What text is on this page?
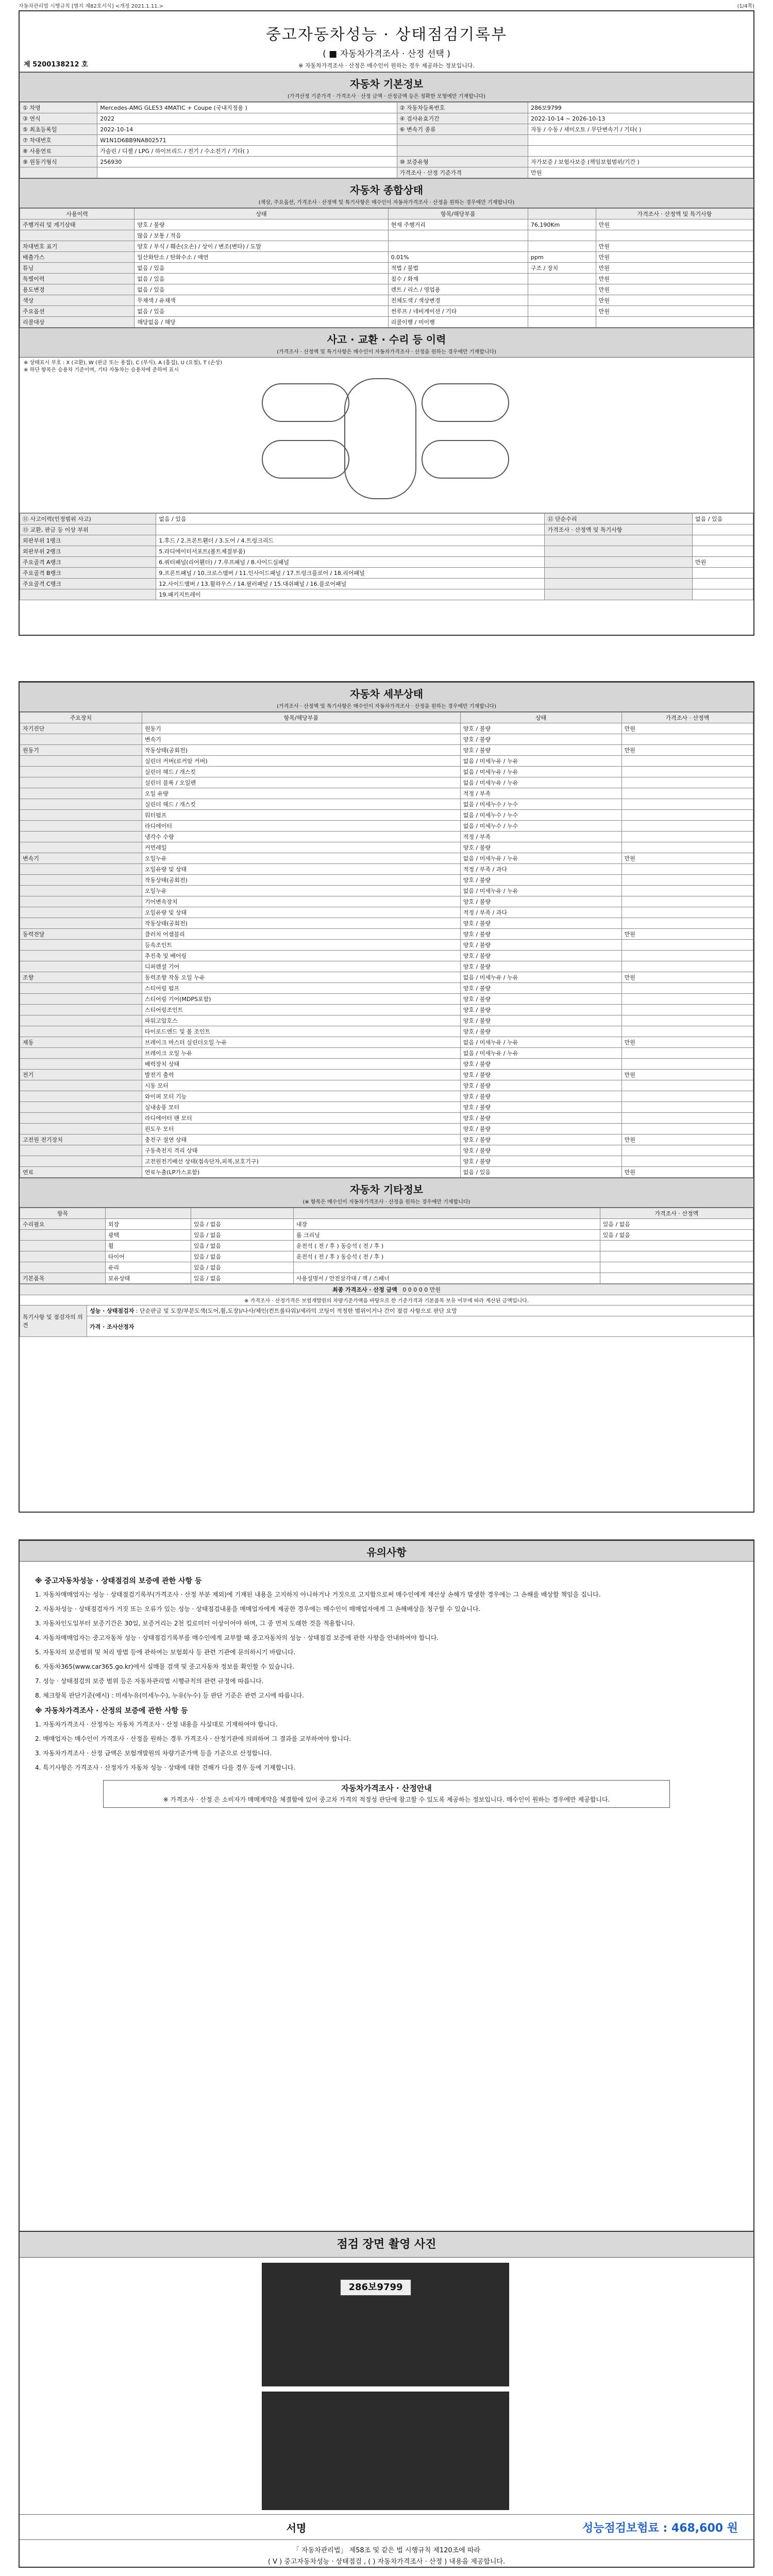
자동차관리법 시행규칙 [별지 제82호서식] <개정 2021.1.11.>	(1/4쪽)
중고자동차성능 · 상태점검기록부
( ■ 자동차가격조사 · 산정 선택 )
※ 자동차가격조사 · 산정은 매수인이 원하는 경우 제공하는 정보입니다.
제 5200138212 호
자동차 기본정보
(가격산정 기준가격 · 가격조사 · 산정 금액 · 산정금액 등은 정확한 모형에만 기재합니다)
① 차명	Mercedes-AMG GLE53 4MATIC + Coupe (국내지정용 )	② 자동차등록번호	286보9799
③ 연식	2022	④ 검사유효기간	2022-10-14 ~ 2026-10-13
⑤ 최초등록일	2022-10-14	⑥ 변속기 종류	자동 / 수동 / 세미오토 / 무단변속기 / 기타( )
⑦ 차대번호	W1N1D6BB9NA802571		
⑧ 사용연료	가솔린 / 디젤 / LPG / 하이브리드 / 전기 / 수소전기 / 기타( )		
⑨ 원동기형식	256930	⑩ 보증유형	자가보증 / 보험사보증 (책임보험범위/기간 )
		가격조사 · 산정 기준가격	만원
자동차 종합상태
(색상, 주요옵션, 가격조사 · 산정액 및 특기사항은 매수인이 자동차가격조사 · 산정을 원하는 경우에만 기재합니다)
사용이력	상태	항목/해당부품		가격조사 · 산정액 및 특기사항
주행거리 및 계기상태	양호 / 불량	현재 주행거리	76,190Km	만원
	많음 / 보통 / 적음			
차대번호 표기	양호 / 부식 / 훼손(오손) / 상이 / 변조(변타) / 도말			만원
배출가스	일산화탄소 / 탄화수소 / 매연	0.01%	ppm	만원
튜닝	없음 / 있음	적법 / 불법	구조 / 장치	만원
특별이력	없음 / 있음	침수 / 화재		만원
용도변경	없음 / 있음	렌트 / 리스 / 영업용		만원
색상	무채색 / 유채색	전체도색 / 색상변경		만원
주요옵션	없음 / 있음	썬루프 / 네비게이션 / 기타		만원
리콜대상	해당없음 / 해당	리콜이행 / 미이행		
사고 · 교환 · 수리 등 이력
(가격조사 · 산정액 및 특기사항은 매수인이 자동차가격조사 · 산정을 원하는 경우에만 기재합니다)
※ 상태표시 부호 : X (교환), W (판금 또는 용접), C (부식), A (흠집), U (요철), T (손상)
※ 하단 항목은 승용차 기준이며, 기타 자동차는 승용차에 준하여 표시
⑪ 사고이력(인정범위 사고)	없음 / 있음	⑫ 단순수리	없음 / 있음
⑬ 교환, 판금 등 이상 부위		가격조사 · 산정액 및 특기사항	
외판부위 1랭크	1.후드 / 2.프론트휀더 / 3.도어 / 4.트렁크리드		
외판부위 2랭크	5.라디에이터서포트(볼트체결부품)		
주요골격 A랭크	6.쿼터패널(리어휀더) / 7.루프패널 / 8.사이드실패널		만원
주요골격 B랭크	9.프론트패널 / 10.크로스멤버 / 11.인사이드패널 / 17.트렁크플로어 / 18.리어패널		
주요골격 C랭크	12.사이드멤버 / 13.휠하우스 / 14.필러패널 / 15.대쉬패널 / 16.플로어패널		
	19.패키지트레이		
자동차 세부상태
(가격조사 · 산정액 및 특기사항은 매수인이 자동차가격조사 · 산정을 원하는 경우에만 기재합니다)
주요장치	항목/해당부품	상태	가격조사 · 산정액
자기진단	원동기	양호 / 불량	만원
	변속기	양호 / 불량	
원동기	작동상태(공회전)	양호 / 불량	만원
	실린더 커버(로커암 커버)	없음 / 미세누유 / 누유	
	실린더 헤드 / 개스킷	없음 / 미세누유 / 누유	
	실린더 블록 / 오일팬	없음 / 미세누유 / 누유	
	오일 유량	적정 / 부족	
	실린더 헤드 / 개스킷	없음 / 미세누수 / 누수	
	워터펌프	없음 / 미세누수 / 누수	
	라디에이터	없음 / 미세누수 / 누수	
	냉각수 수량	적정 / 부족	
	커먼레일	양호 / 불량	
변속기	오일누유	없음 / 미세누유 / 누유	만원
	오일유량 및 상태	적정 / 부족 / 과다	
	작동상태(공회전)	양호 / 불량	
	오일누유	없음 / 미세누유 / 누유	
	기어변속장치	양호 / 불량	
	오일유량 및 상태	적정 / 부족 / 과다	
	작동상태(공회전)	양호 / 불량	
동력전달	클러치 어셈블리	양호 / 불량	만원
	등속조인트	양호 / 불량	
	추진축 및 베어링	양호 / 불량	
	디퍼렌셜 기어	양호 / 불량	
조향	동력조향 작동 오일 누유	없음 / 미세누유 / 누유	만원
	스티어링 펌프	양호 / 불량	
	스티어링 기어(MDPS포함)	양호 / 불량	
	스티어링조인트	양호 / 불량	
	파워고압호스	양호 / 불량	
	타이로드엔드 및 볼 조인트	양호 / 불량	
제동	브레이크 마스터 실린더오일 누유	없음 / 미세누유 / 누유	만원
	브레이크 오일 누유	없음 / 미세누유 / 누유	
	배력장치 상태	양호 / 불량	
전기	발전기 출력	양호 / 불량	만원
	시동 모터	양호 / 불량	
	와이퍼 모터 기능	양호 / 불량	
	실내송풍 모터	양호 / 불량	
	라디에이터 팬 모터	양호 / 불량	
	윈도우 모터	양호 / 불량	
고전원 전기장치	충전구 절연 상태	양호 / 불량	만원
	구동축전지 격리 상태	양호 / 불량	
	고전원전기배선 상태(접속단자,피복,보호기구)	양호 / 불량	
연료	연료누출(LP가스포함)	없음 / 있음	만원
자동차 기타정보
(※ 항목은 매수인이 자동차가격조사 · 산정을 원하는 경우에만 기재합니다)
항목				가격조사 · 산정액
수리필요	외장	있음 / 없음	내장	있음 / 없음
	광택	있음 / 없음	룸 크리닝	있음 / 없음
	휠	있음 / 없음	운전석 ( 전 / 후 ) 동승석 ( 전 / 후 )	
	타이어	있음 / 없음	운전석 ( 전 / 후 ) 동승석 ( 전 / 후 )	
	유리	있음 / 없음		
기본품목	보유상태	있음 / 없음	사용설명서 / 안전삼각대 / 잭 / 스패너	
최종 가격조사 · 산정 금액 0 0 0 0 0 만원
※ 가격조사 · 산정가격은 보험개발원의 차량기준가액을 바탕으로 한 기준가격과 기본품목 보유 여부에 따라 계산된 금액입니다.
특기사항 및 점검자의 의견	성능 · 상태점검자 : 단순판금 및 도장/부분도색(도어,휠,도장)/나사/체인(컨트롤타워)/세라믹 코팅이 적정한 범위이거나 간이 점검 사항으로 판단 요망
가격 · 조사산정자
유의사항
※ 중고자동차성능 · 상태점검의 보증에 관한 사항 등
1. 자동차매매업자는 성능 · 상태점검기록부(가격조사 · 산정 부분 제외)에 기재된 내용을 고지하지 아니하거나 거짓으로 고지함으로써 매수인에게 재산상 손해가 발생한 경우에는 그 손해를 배상할 책임을 집니다.
2. 자동차성능 · 상태점검자가 거짓 또는 오류가 있는 성능 · 상태점검내용을 매매업자에게 제공한 경우에는 매수인이 매매업자에게 그 손해배상을 청구할 수 있습니다.
3. 자동차인도일부터 보증기간은 30일, 보증거리는 2천 킬로미터 이상이어야 하며, 그 중 먼저 도래한 것을 적용합니다.
4. 자동차매매업자는 중고자동차 성능 · 상태점검기록부를 매수인에게 교부할 때 중고자동차의 성능 · 상태점검 보증에 관한 사항을 안내하여야 합니다.
5. 자동차의 보증범위 및 처리 방법 등에 관하여는 보험회사 등 관련 기관에 문의하시기 바랍니다.
6. 자동차365(www.car365.go.kr)에서 실매물 검색 및 중고자동차 정보를 확인할 수 있습니다.
7. 성능 · 상태점검의 보증 범위 등은 자동차관리법 시행규칙의 관련 규정에 따릅니다.
8. 체크항목 판단기준(예시) : 미세누유(미세누수), 누유(누수) 등 판단 기준은 관련 고시에 따릅니다.
※ 자동차가격조사 · 산정의 보증에 관한 사항 등
1. 자동차가격조사 · 산정자는 자동차 가격조사 · 산정 내용을 사실대로 기재하여야 합니다.
2. 매매업자는 매수인이 가격조사 · 산정을 원하는 경우 가격조사 · 산정기관에 의뢰하여 그 결과를 교부하여야 합니다.
3. 자동차가격조사 · 산정 금액은 보험개발원의 차량기준가액 등을 기준으로 산정합니다.
4. 특기사항은 가격조사 · 산정자가 자동차 성능 · 상태에 대한 견해가 다를 경우 등에 기재합니다.
자동차가격조사 · 산정안내
※ 가격조사 · 산정 은 소비자가 매매계약을 체결함에 있어 중고차 가격의 적정성 판단에 참고할 수 있도록 제공하는 정보입니다. 매수인이 원하는 경우에만 제공합니다.
점검 장면 촬영 사진
286보9799
서명	성능점검보험료 : 468,600 원
「 자동차관리법」 제58조 및 같은 법 시행규칙 제120조에 따라
( V ) 중고자동차성능 · 상태점검 , ( ) 자동차가격조사 · 산정 ) 내용을 제공합니다.
